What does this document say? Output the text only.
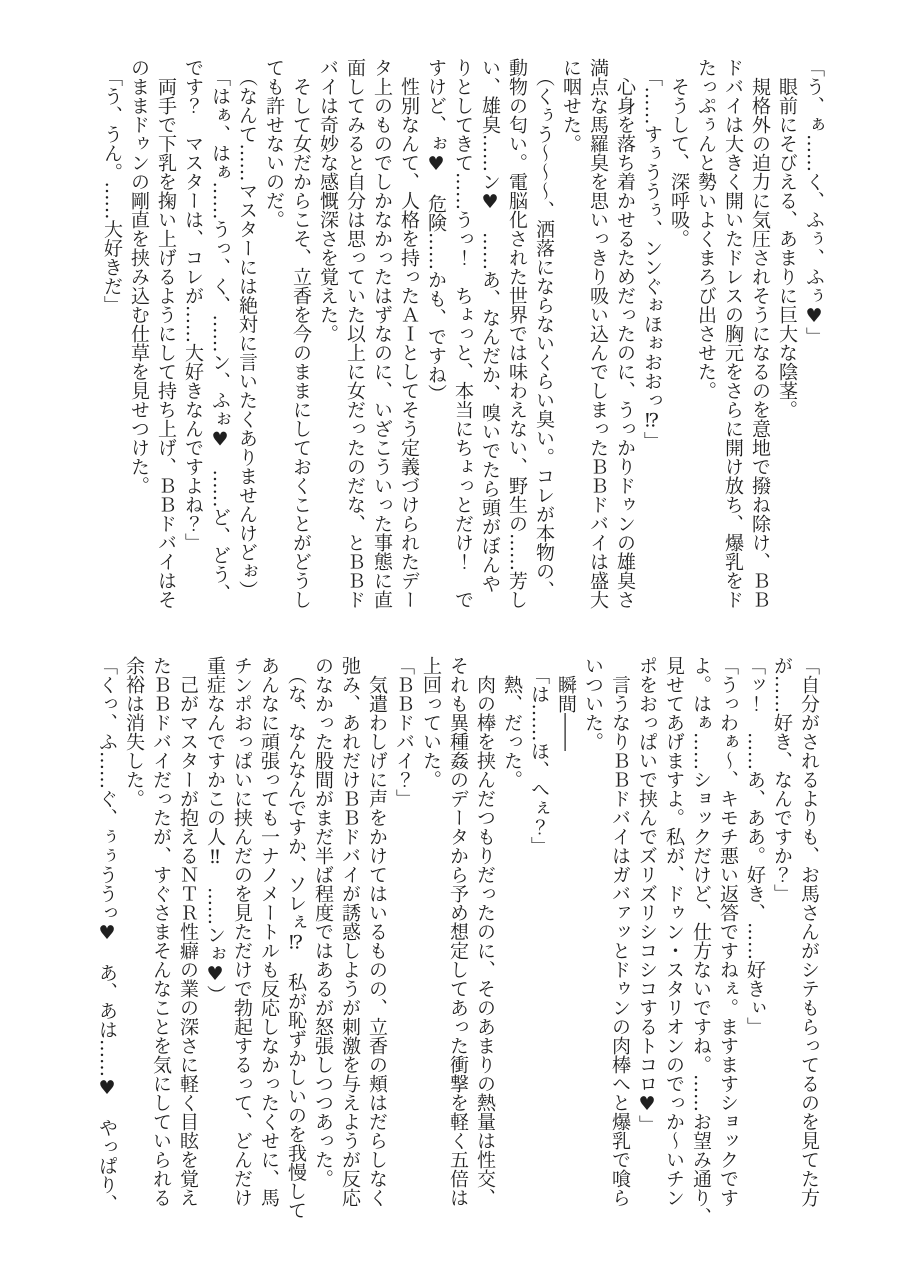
「う、ぁ……く、ふぅ、ふぅ♥」
　眼前にそびえる、あまりに巨大な陰茎。
　規格外の迫力に気圧されそうになるのを意地で撥ね除け、ＢＢ
ドバイは大きく開いたドレスの胸元をさらに開け放ち、爆乳をド
たっぷぅんと勢いよくまろび出させた。
　そうして、深呼吸。
　「……すぅううぅ、ンンぐぉほぉおおっ⁉」
　心身を落ち着かせるためだったのに、うっかりドゥンの雄臭さ
満点な馬羅臭を思いっきり吸い込んでしまったＢＢドバイは盛大
に咽せた。
　（くぅう～～～、洒落にならないくらい臭い。コレが本物の、
動物の匂い。電脳化された世界では味わえない、野生の……芳し
い、雄臭……ン♥　……あ、なんだか、嗅いでたら頭がぼんや
りとしてきて……うっ！　ちょっと、本当にちょっとだけ！　で
すけど、ぉ♥　危険……かも、ですね）
　性別なんて、人格を持ったＡＩとしてそう定義づけられたデー
タ上のものでしかなかったはずなのに、いざこういった事態に直
面してみると自分は思っていた以上に女だったのだな、とＢＢド
バイは奇妙な感慨深さを覚えた。
　そして女だからこそ、立香を今のままにしておくことがどうし
ても許せないのだ。
　（なんて……マスターには絶対に言いたくありませんけどぉ）
　「はぁ、はぁ……うっ、く、……ン、ふぉ♥　……ど、どう、
です？　マスターは、コレが……大好きなんですよね？」
　両手で下乳を掬い上げるようにして持ち上げ、ＢＢドバイはそ
のままドゥンの剛直を挟み込む仕草を見せつけた。
　「う、うん。……大好きだ」
「自分がされるよりも、お馬さんがシテもらってるのを見てた方
が……好き、なんですか？」
「ッ！　……あ、ああ。好き、……好きぃ」
「うっわぁ～、キモチ悪い返答ですねぇ。ますますショックです
よ。はぁ……ショックだけど、仕方ないですね。……お望み通り、
見せてあげますよ。私が、ドゥン・スタリオンのでっか～いチン
ポをおっぱいで挟んでズリズリシコシコするトコロ♥」
　言うなりＢＢドバイはガバァッとドゥンの肉棒へと爆乳で喰ら
いついた。
　瞬間――
　「は……ほ、へぇ？」
　熱、だった。
　肉の棒を挟んだつもりだったのに、そのあまりの熱量は性交、
それも異種姦のデータから予め想定してあった衝撃を軽く五倍は
上回っていた。
「ＢＢドバイ？」
　気遣わしげに声をかけてはいるものの、立香の頬はだらしなく
弛み、あれだけＢＢドバイが誘惑しようが刺激を与えようが反応
のなかった股間がまだ半ば程度ではあるが怒張しつつあった。
　（な、なんなんですか、ソレぇ⁉　私が恥ずかしいのを我慢して
あんなに頑張っても一ナノメートルも反応しなかったくせに、馬
チンポおっぱいに挟んだのを見ただけで勃起するって、どんだけ
重症なんですかこの人‼　……ンぉ♥）
　己がマスターが抱えるＮＴＲ性癖の業の深さに軽く目眩を覚え
たＢＢドバイだったが、すぐさまそんなことを気にしていられる
余裕は消失した。
「くっ、ふ……ぐ、ぅぅううっ♥　あ、あは……♥　やっぱり、
